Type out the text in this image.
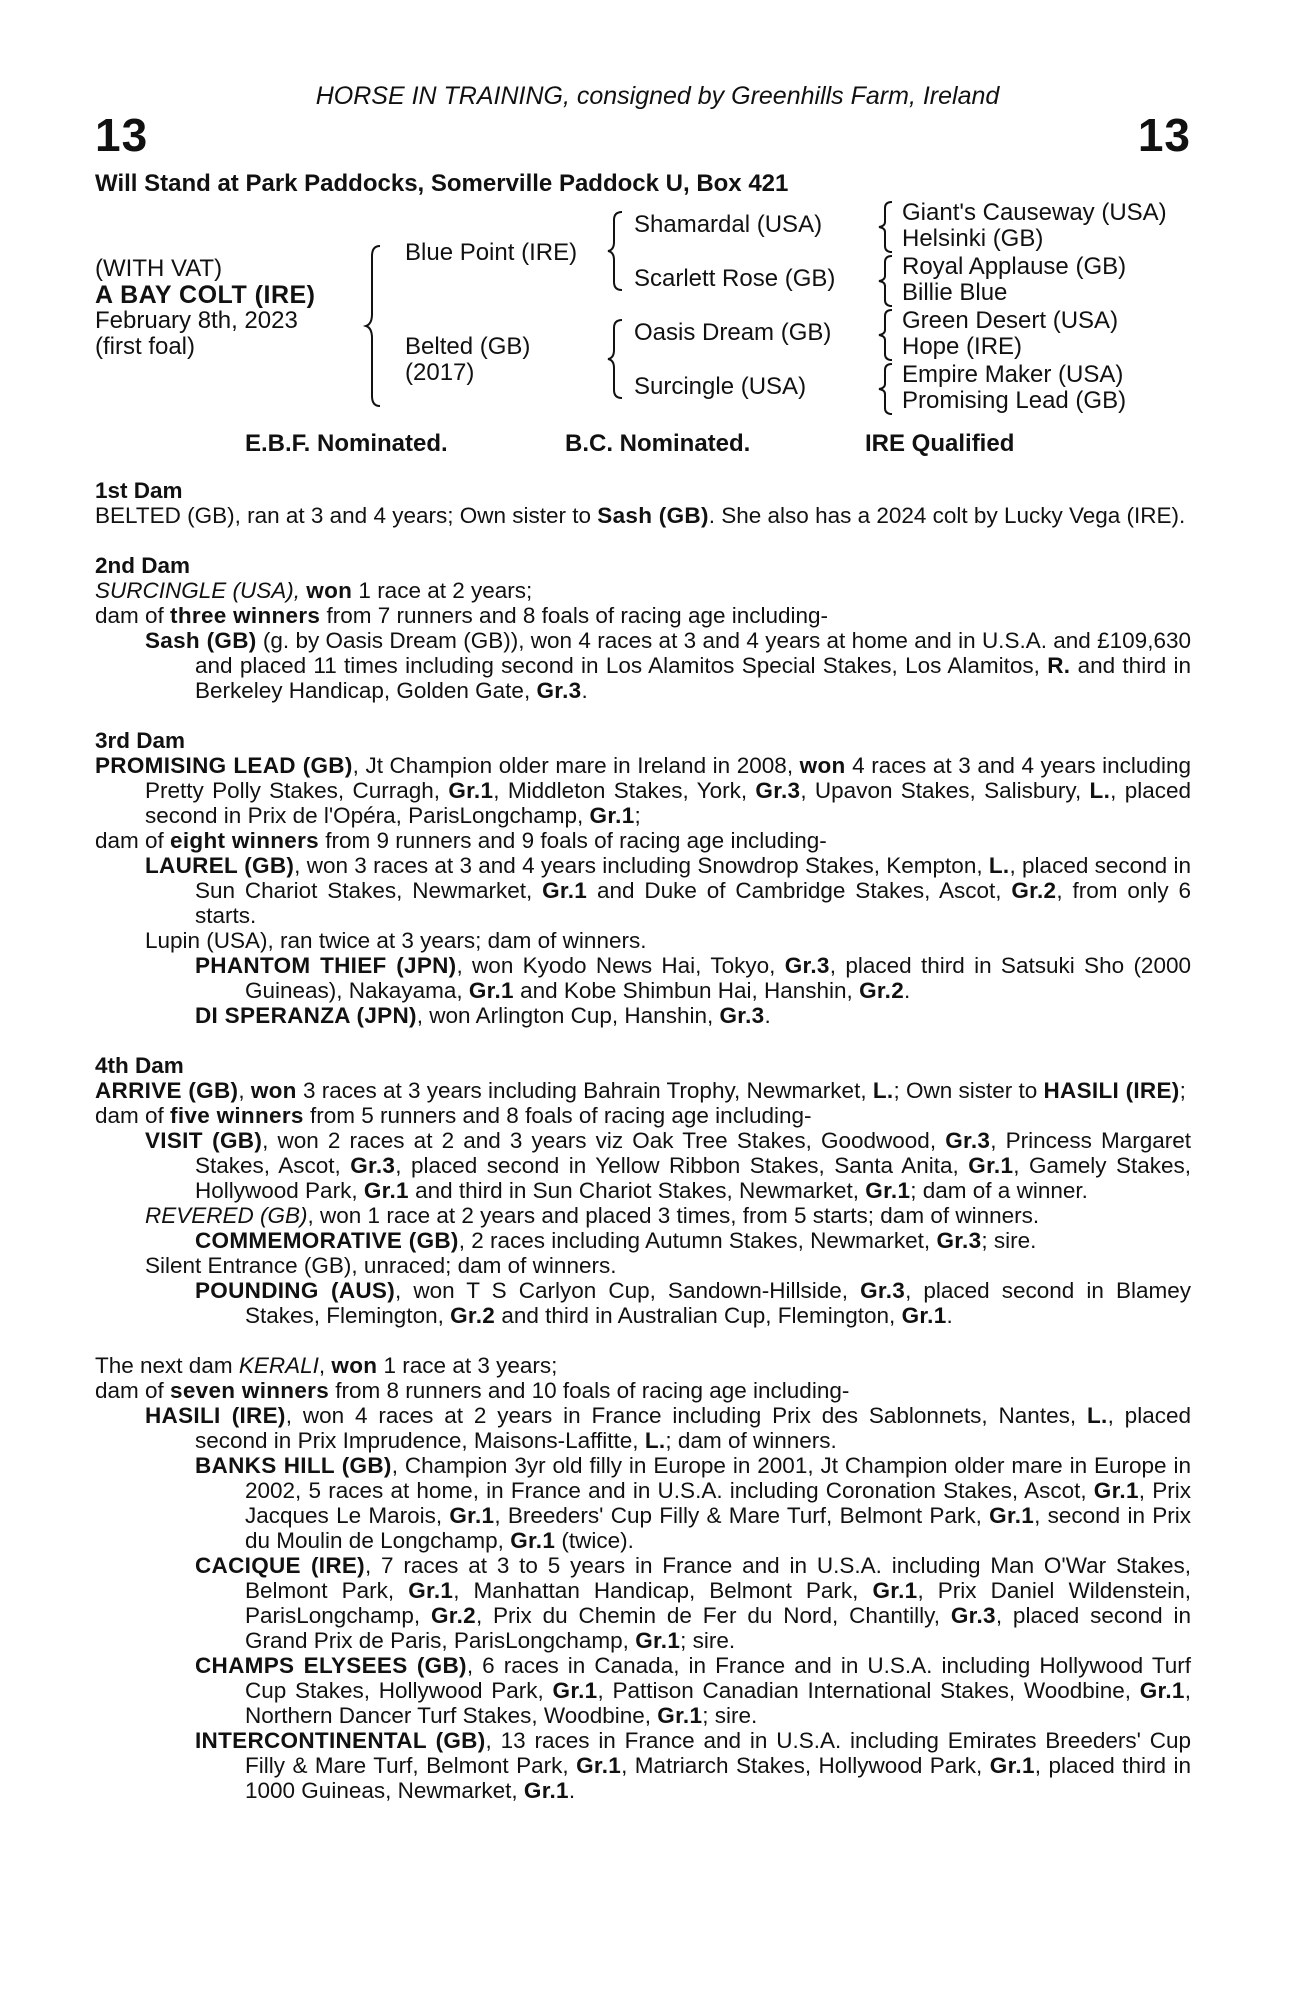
HORSE IN TRAINING, consigned by Greenhills Farm, Ireland
13	13
Will Stand at Park Paddocks, Somerville Paddock U, Box 421
(WITH VAT)
A BAY COLT (IRE)
February 8th, 2023
(first foal)
Blue Point (IRE)
Belted (GB)
(2017)
Shamardal (USA)
Scarlett Rose (GB)
Oasis Dream (GB)
Surcingle (USA)
Giant's Causeway (USA)
Helsinki (GB)
Royal Applause (GB)
Billie Blue
Green Desert (USA)
Hope (IRE)
Empire Maker (USA)
Promising Lead (GB)
E.B.F. Nominated.	B.C. Nominated.	IRE Qualified

1st Dam

BELTED (GB), ran at 3 and 4 years; Own sister to Sash (GB). She also has a 2024 colt by Lucky Vega (IRE).

2nd Dam

SURCINGLE (USA), won 1 race at 2 years;

dam of three winners from 7 runners and 8 foals of racing age including-

Sash (GB) (g. by Oasis Dream (GB)), won 4 races at 3 and 4 years at home and in U.S.A. and £109,630 and placed 11 times including second in Los Alamitos Special Stakes, Los Alamitos, R. and third in Berkeley Handicap, Golden Gate, Gr.3.

3rd Dam

PROMISING LEAD (GB), Jt Champion older mare in Ireland in 2008, won 4 races at 3 and 4 years including Pretty Polly Stakes, Curragh, Gr.1, Middleton Stakes, York, Gr.3, Upavon Stakes, Salisbury, L., placed second in Prix de l'Opéra, ParisLongchamp, Gr.1;

dam of eight winners from 9 runners and 9 foals of racing age including-

LAUREL (GB), won 3 races at 3 and 4 years including Snowdrop Stakes, Kempton, L., placed second in Sun Chariot Stakes, Newmarket, Gr.1 and Duke of Cambridge Stakes, Ascot, Gr.2, from only 6 starts.

Lupin (USA), ran twice at 3 years; dam of winners.

PHANTOM THIEF (JPN), won Kyodo News Hai, Tokyo, Gr.3, placed third in Satsuki Sho (2000 Guineas), Nakayama, Gr.1 and Kobe Shimbun Hai, Hanshin, Gr.2.

DI SPERANZA (JPN), won Arlington Cup, Hanshin, Gr.3.

4th Dam

ARRIVE (GB), won 3 races at 3 years including Bahrain Trophy, Newmarket, L.; Own sister to HASILI (IRE);

dam of five winners from 5 runners and 8 foals of racing age including-

VISIT (GB), won 2 races at 2 and 3 years viz Oak Tree Stakes, Goodwood, Gr.3, Princess Margaret Stakes, Ascot, Gr.3, placed second in Yellow Ribbon Stakes, Santa Anita, Gr.1, Gamely Stakes, Hollywood Park, Gr.1 and third in Sun Chariot Stakes, Newmarket, Gr.1; dam of a winner.

REVERED (GB), won 1 race at 2 years and placed 3 times, from 5 starts; dam of winners.

COMMEMORATIVE (GB), 2 races including Autumn Stakes, Newmarket, Gr.3; sire.

Silent Entrance (GB), unraced; dam of winners.

POUNDING (AUS), won T S Carlyon Cup, Sandown-Hillside, Gr.3, placed second in Blamey Stakes, Flemington, Gr.2 and third in Australian Cup, Flemington, Gr.1.

The next dam KERALI, won 1 race at 3 years;

dam of seven winners from 8 runners and 10 foals of racing age including-

HASILI (IRE), won 4 races at 2 years in France including Prix des Sablonnets, Nantes, L., placed second in Prix Imprudence, Maisons-Laffitte, L.; dam of winners.

BANKS HILL (GB), Champion 3yr old filly in Europe in 2001, Jt Champion older mare in Europe in 2002, 5 races at home, in France and in U.S.A. including Coronation Stakes, Ascot, Gr.1, Prix Jacques Le Marois, Gr.1, Breeders' Cup Filly & Mare Turf, Belmont Park, Gr.1, second in Prix du Moulin de Longchamp, Gr.1 (twice).

CACIQUE (IRE), 7 races at 3 to 5 years in France and in U.S.A. including Man O'War Stakes, Belmont Park, Gr.1, Manhattan Handicap, Belmont Park, Gr.1, Prix Daniel Wildenstein, ParisLongchamp, Gr.2, Prix du Chemin de Fer du Nord, Chantilly, Gr.3, placed second in Grand Prix de Paris, ParisLongchamp, Gr.1; sire.

CHAMPS ELYSEES (GB), 6 races in Canada, in France and in U.S.A. including Hollywood Turf Cup Stakes, Hollywood Park, Gr.1, Pattison Canadian International Stakes, Woodbine, Gr.1, Northern Dancer Turf Stakes, Woodbine, Gr.1; sire.

INTERCONTINENTAL (GB), 13 races in France and in U.S.A. including Emirates Breeders' Cup Filly & Mare Turf, Belmont Park, Gr.1, Matriarch Stakes, Hollywood Park, Gr.1, placed third in 1000 Guineas, Newmarket, Gr.1.
